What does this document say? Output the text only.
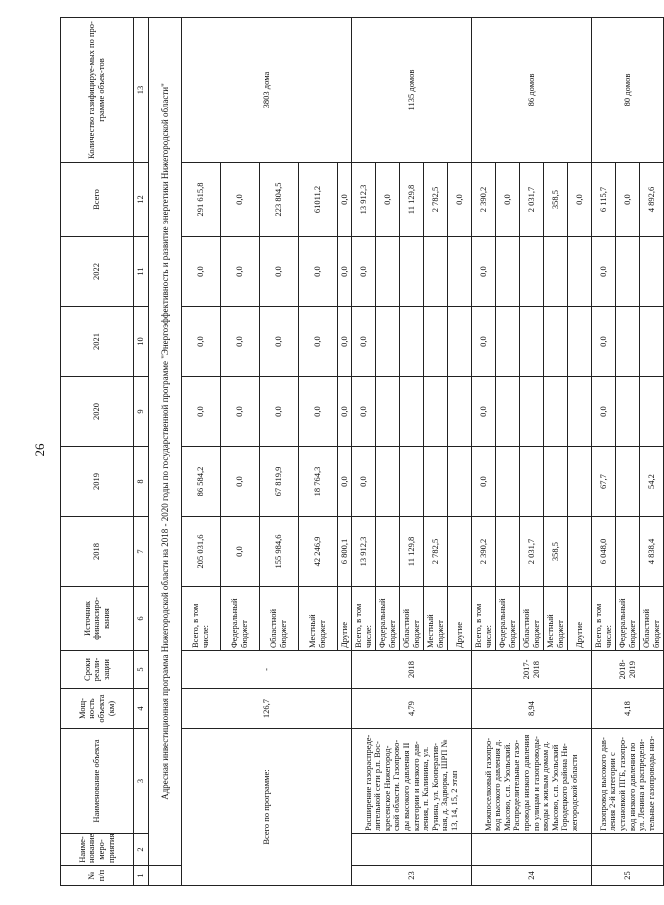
26
№ п/п	Наиме-нование меро-приятия	Наименование объекта	Мощ-ность объекта (км)	Сроки реали-зации	Источник финансиро-вания	2018	2019	2020	2021	2022	Всего	Количество газифицируе-мых по про-грамме объек-тов
1	2	3	4	5	6	7	8	9	10	11	12	13
	Адресная инвестиционная программа Нижегородской области на 2018 - 2020 годы по государственной программе "Энергоэффективность и развитие энергетики Нижегородской области"											
Всего по программе:			126,7	-	Всего, в том числе:	205 031,6	86 584,2	0,0	0,0	0,0	291 615,8	3803 дома
					Федеральный бюджет	0,0	0,0	0,0	0,0	0,0	0,0	
					Областной бюджет	155 984,6	67 819,9	0,0	0,0	0,0	223 804,5	
					Местный бюджет	42 246,9	18 764,3	0,0	0,0	0,0	61011,2	
					Другие	6 800,1	0,0	0,0	0,0	0,0	0,0	
23		Расширение газораспреде-лительной сети р.п. Вос-кресенское Нижегород-ской области. Газопрово-ды высокого давления II категории и низкого дав-ления, п. Калинина, ул. Рунина, ул. Кооператив-ная, д. Задворка, ШРП № 13, 14, 15, 2 этап	4,79	2018	Всего, в том числе:	13 912,3	0,0	0,0	0,0	0,0	13 912,3	1135 домов
					Федеральный бюджет						0,0	
					Областной бюджет	11 129,8					11 129,8	
					Местный бюджет	2 782,5					2 782,5	
					Другие						0,0	
24		Межпоселковый газопро-вод высокого давления д. Мысово, с.п. Узольский. Распределительные газо-проводы низкого давления по улицам и газопроводы-вводы к жилым домам д. Мысово, с.п. Узольский Городецкого района Ни-жегородской области	8,94	2017-2018	Всего, в том числе:	2 390,2	0,0	0,0	0,0	0,0	2 390,2	86 домов
					Федеральный бюджет						0,0	
					Областной бюджет	2 031,7					2 031,7	
					Местный бюджет	358,5					358,5	
					Другие						0,0	
25		Газопровод высокого дав-ления 2-й категории с установкой ПГБ, газопро-вод низкого давления по ул. Ленина и распредели-тельные газопроводы низ-	4,18	2018-2019	Всего, в том числе:	6 048,0	67,7	0,0	0,0	0,0	6 115,7	80 домов
					Федеральный бюджет						0,0	
					Областной бюджет	4 838,4	54,2				4 892,6	
